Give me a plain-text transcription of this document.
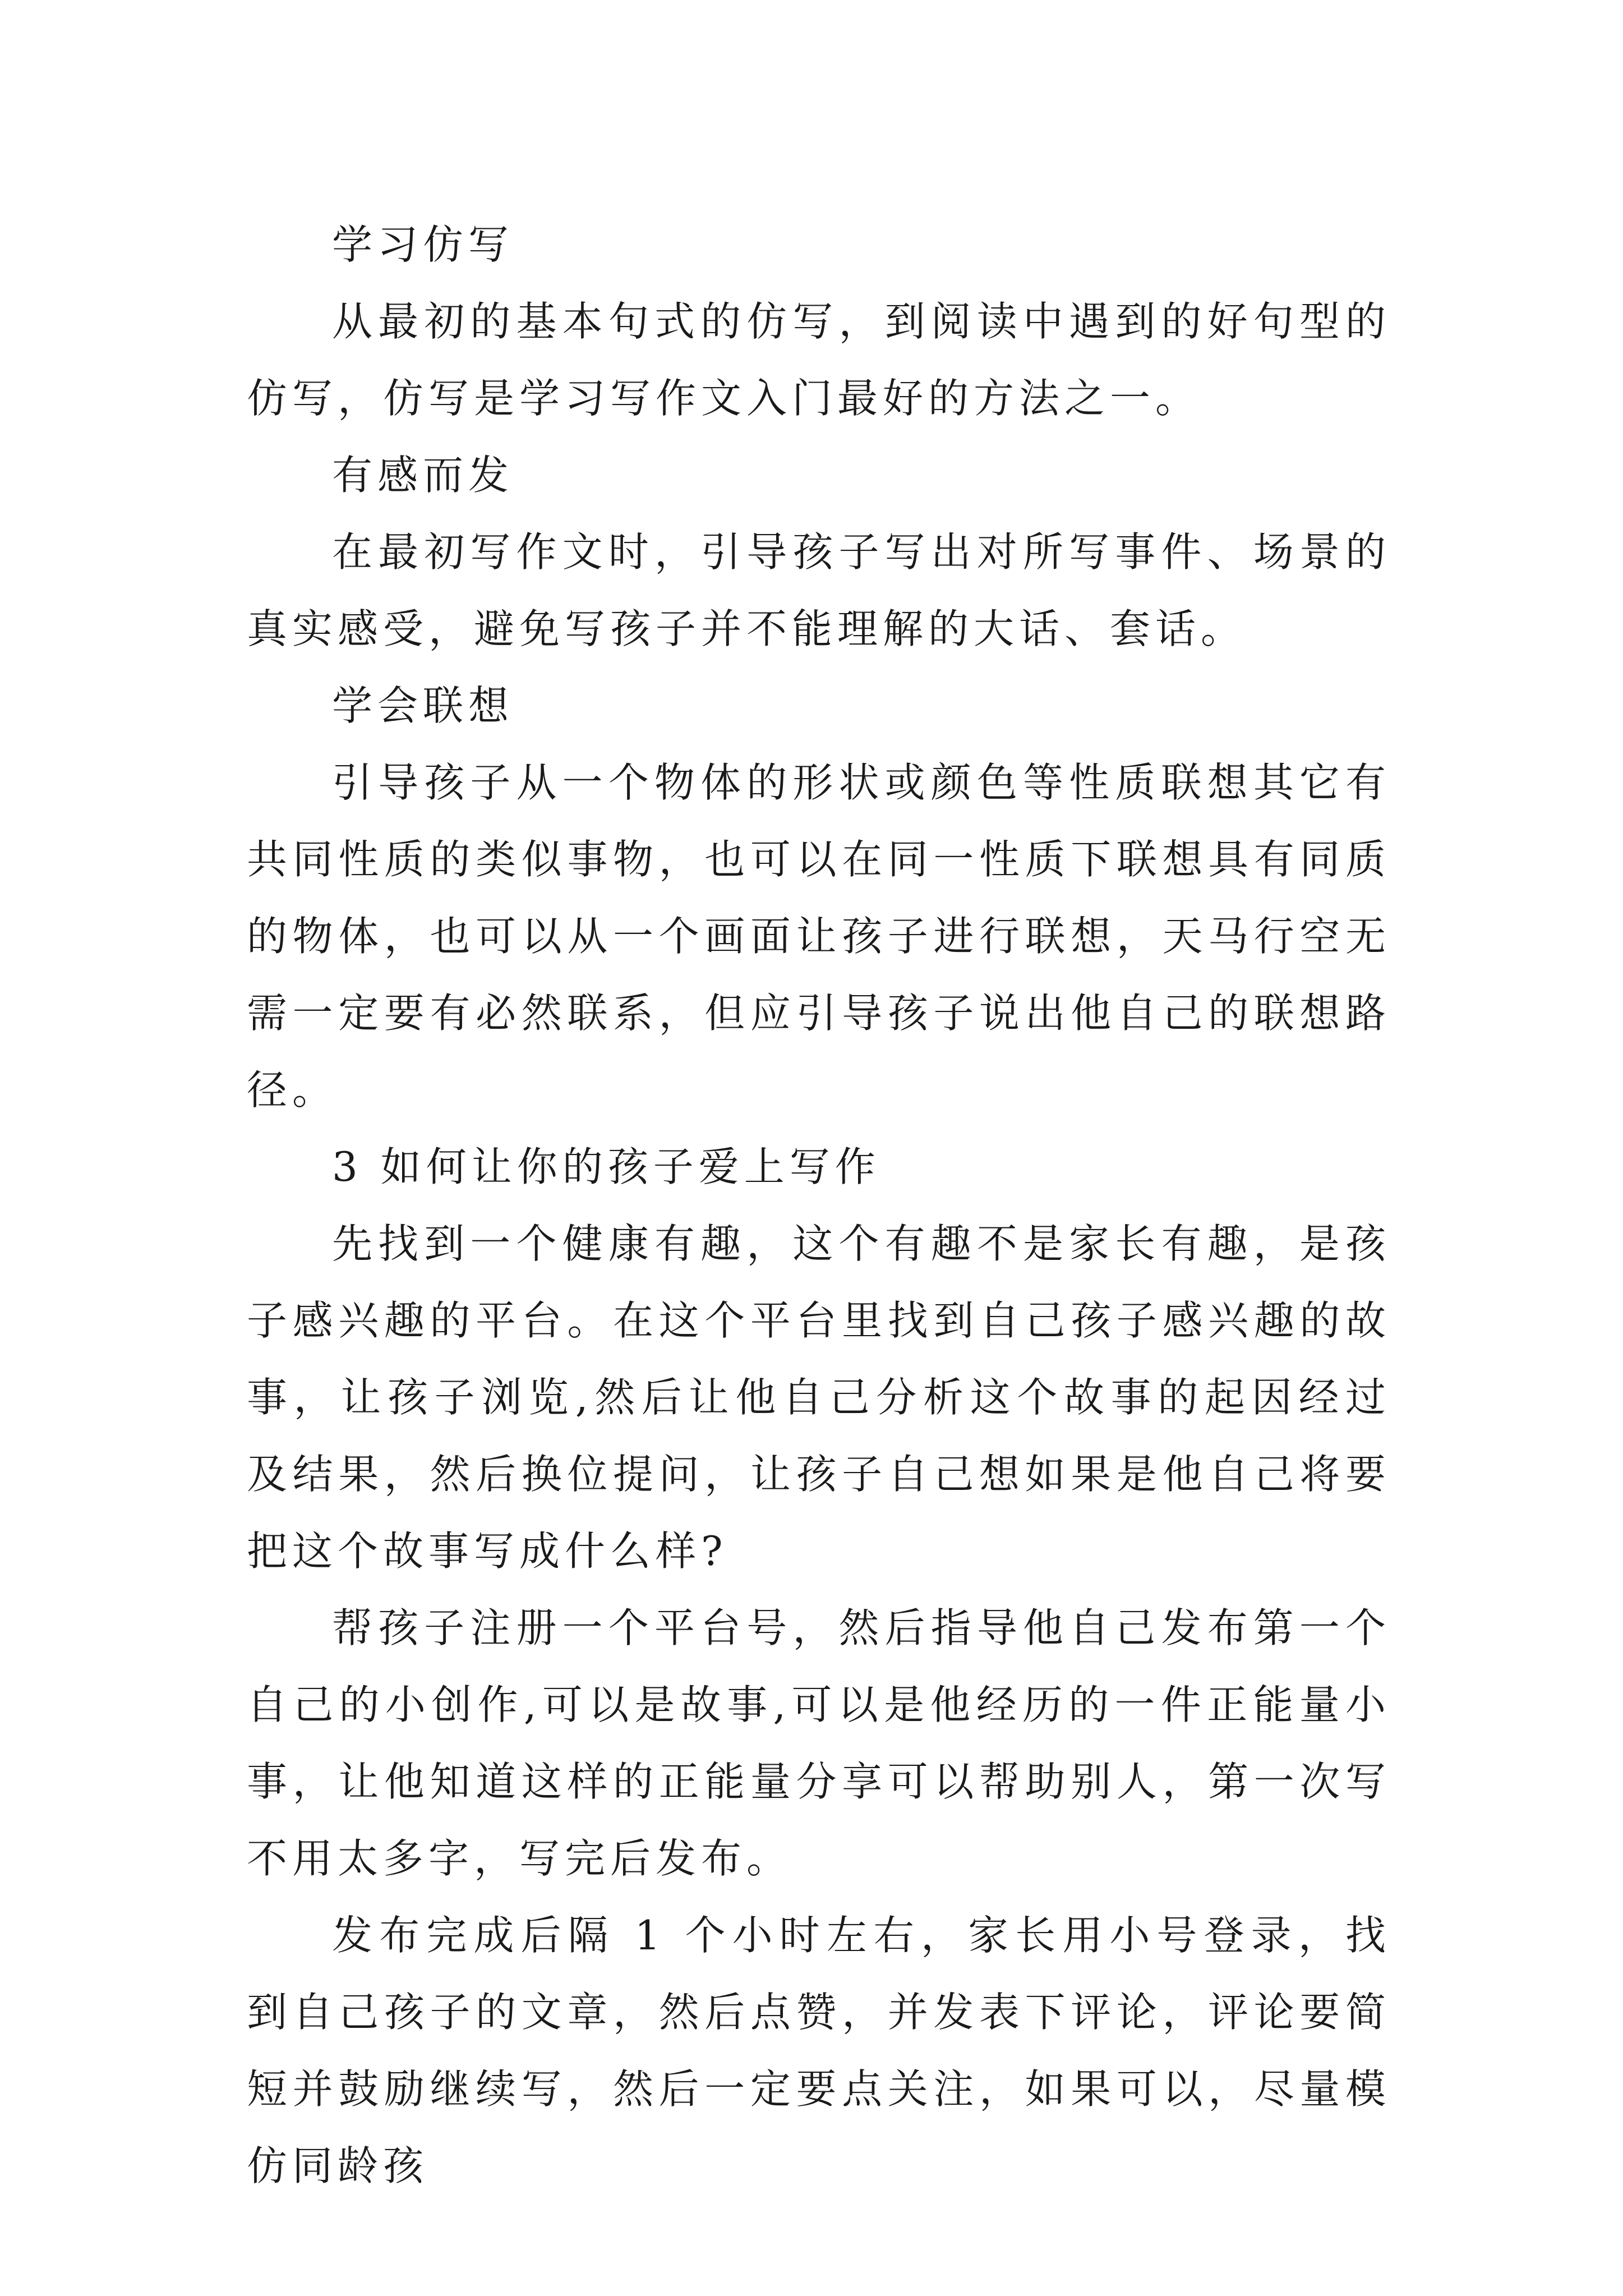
学习仿写

从最初的基本句式的仿写，到阅读中遇到的好句型的仿写，仿写是学习写作文入门最好的方法之一。

有感而发

在最初写作文时，引导孩子写出对所写事件、场景的真实感受，避免写孩子并不能理解的大话、套话。

学会联想

引导孩子从一个物体的形状或颜色等性质联想其它有共同性质的类似事物，也可以在同一性质下联想具有同质的物体，也可以从一个画面让孩子进行联想，天马行空无需一定要有必然联系，但应引导孩子说出他自己的联想路径。

3 如何让你的孩子爱上写作

先找到一个健康有趣，这个有趣不是家长有趣，是孩子感兴趣的平台。在这个平台里找到自己孩子感兴趣的故事，让孩子浏览,然后让他自己分析这个故事的起因经过及结果，然后换位提问，让孩子自己想如果是他自己将要把这个故事写成什么样?

帮孩子注册一个平台号，然后指导他自己发布第一个自己的小创作,可以是故事,可以是他经历的一件正能量小事，让他知道这样的正能量分享可以帮助别人，第一次写不用太多字，写完后发布。

发布完成后隔 1 个小时左右，家长用小号登录，找到自己孩子的文章，然后点赞，并发表下评论，评论要简短并鼓励继续写，然后一定要点关注，如果可以，尽量模仿同龄孩
